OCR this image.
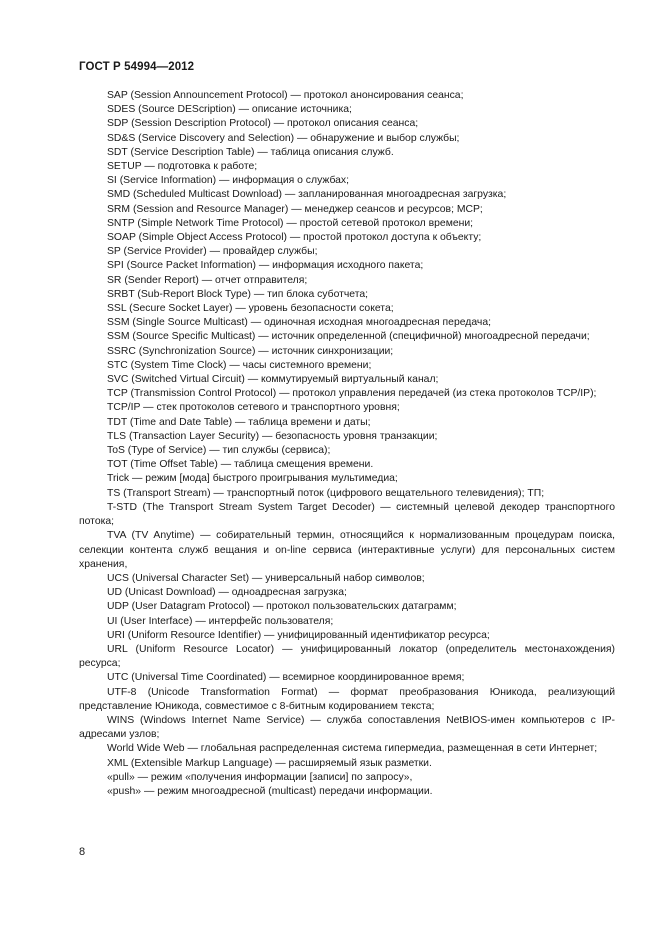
ГОСТ Р 54994—2012

SAP (Session Announcement Protocol) — протокол анонсирования сеанса;

SDES (Source DEScription) — описание источника;

SDP (Session Description Protocol) — протокол описания сеанса;

SD&S (Service Discovery and Selection) — обнаружение и выбор службы;

SDT (Service Description Table) — таблица описания служб.

SETUP — подготовка к работе;

SI (Service Information) — информация о службах;

SMD (Scheduled Multicast Download) — запланированная многоадресная загрузка;

SRM (Session and Resource Manager) — менеджер сеансов и ресурсов; MCP;

SNTP (Simple Network Time Protocol) — простой сетевой протокол времени;

SOAP (Simple Object Access Protocol) — простой протокол доступа к объекту;

SP (Service Provider) — провайдер службы;

SPI (Source Packet Information) — информация исходного пакета;

SR (Sender Report) — отчет отправителя;

SRBT (Sub-Report Block Type) — тип блока суботчета;

SSL (Secure Socket Layer) — уровень безопасности сокета;

SSM (Single Source Multicast) — одиночная исходная многоадресная передача;

SSM (Source Specific Multicast) — источник определенной (специфичной) многоадресной передачи;

SSRC (Synchronization Source) — источник синхронизации;

STC (System Time Clock) — часы системного времени;

SVC (Switched Virtual Circuit) — коммутируемый виртуальный канал;

TCP (Transmission Control Protocol) — протокол управления передачей (из стека протоколов TCP/IP);

TCP/IP — стек протоколов сетевого и транспортного уровня;

TDT (Time and Date Table) — таблица времени и даты;

TLS (Transaction Layer Security) — безопасность уровня транзакции;

ToS (Type of Service) — тип службы (сервиса);

TOT (Time Offset Table) — таблица смещения времени.

Trick — режим [мода] быстрого проигрывания мультимедиа;

TS (Transport Stream) — транспортный поток (цифрового вещательного телевидения); ТП;

T-STD (The Transport Stream System Target Decoder) — системный целевой декодер транспортного потока;

TVA (TV Anytime) — собирательный термин, относящийся к нормализованным процедурам поиска, селекции контента служб вещания и on-line сервиса (интерактивные услуги) для персональных систем хранения,

UCS (Universal Character Set) — универсальный набор символов;

UD (Unicast Download) — одноадресная загрузка;

UDP (User Datagram Protocol) — протокол пользовательских датаграмм;

UI (User Interface) — интерфейс пользователя;

URI (Uniform Resource Identifier) — унифицированный идентификатор ресурса;

URL (Uniform Resource Locator) — унифицированный локатор (определитель местонахождения) ресурса;

UTC (Universal Time Coordinated) — всемирное координированное время;

UTF-8 (Unicode Transformation Format) — формат преобразования Юникода, реализующий представление Юникода, совместимое с 8-битным кодированием текста;

WINS (Windows Internet Name Service) — служба сопоставления NetBIOS-имен компьютеров с IP-адресами узлов;

World Wide Web — глобальная распределенная система гипермедиа, размещенная в сети Интернет;

XML (Extensible Markup Language) — расширяемый язык разметки.

«pull» — режим «получения информации [записи] по запросу»,

«push» — режим многоадресной (multicast) передачи информации.

8
